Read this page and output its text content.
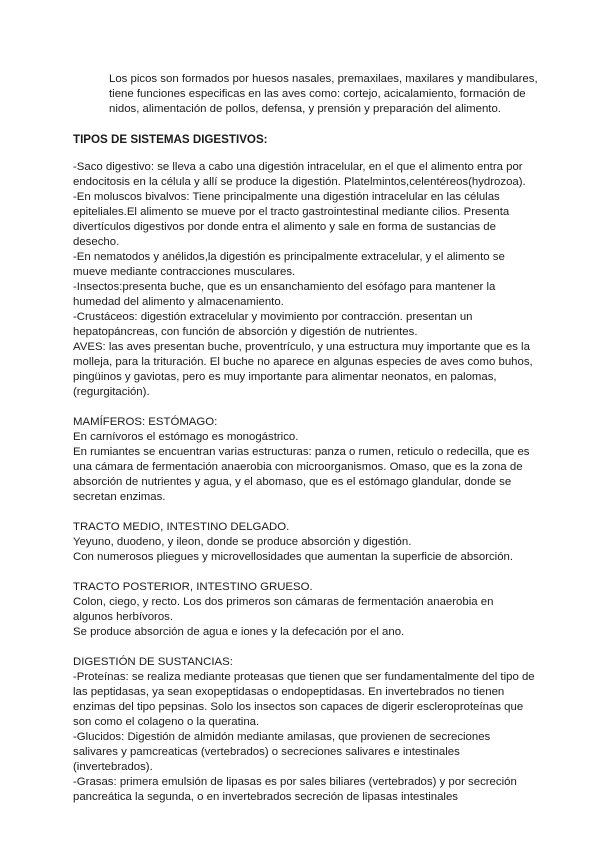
Los picos son formados por huesos nasales, premaxilaes, maxilares y mandibulares, tiene funciones especificas en las aves como: cortejo, acicalamiento, formación de nidos, alimentación de pollos, defensa, y prensión y preparación del alimento.

TIPOS DE SISTEMAS DIGESTIVOS:

-Saco digestivo: se lleva a cabo una digestión intracelular, en el que el alimento entra por endocitosis en la célula y allí se produce la digestión. Platelmintos,celentéreos(hydrozoa).

-En moluscos bivalvos: Tiene principalmente una digestión intracelular en las células epiteliales.El alimento se mueve por el tracto gastrointestinal mediante cilios. Presenta divertículos digestivos por donde entra el alimento y sale en forma de sustancias de desecho.

-En nematodos y anélidos,la digestión es principalmente extracelular, y el alimento se mueve mediante contracciones musculares.

-Insectos:presenta buche, que es un ensanchamiento del esófago para mantener la humedad del alimento y almacenamiento.

-Crustáceos: digestión extracelular y movimiento por contracción. presentan un hepatopáncreas, con función de absorción y digestión de nutrientes.

AVES: las aves presentan buche, proventrículo, y una estructura muy importante que es la molleja, para la trituración. El buche no aparece en algunas especies de aves como buhos, pingüinos y gaviotas, pero es muy importante para alimentar neonatos, en palomas, (regurgitación).

MAMÍFEROS: ESTÓMAGO:

En carnívoros el estómago es monogástrico.

En rumiantes se encuentran varias estructuras: panza o rumen, reticulo o redecilla, que es una cámara de fermentación anaerobia con microorganismos. Omaso, que es la zona de absorción de nutrientes y agua, y el abomaso, que es el estómago glandular, donde se secretan enzimas.

TRACTO MEDIO, INTESTINO DELGADO.

Yeyuno, duodeno, y ileon, donde se produce absorción y digestión.

Con numerosos pliegues y microvellosidades que aumentan la superficie de absorción.

TRACTO POSTERIOR, INTESTINO GRUESO.

Colon, ciego, y recto. Los dos primeros son cámaras de fermentación anaerobia en algunos herbívoros.

Se produce absorción de agua e iones y la defecación por el ano.

DIGESTIÓN DE SUSTANCIAS:

-Proteínas: se realiza mediante proteasas que tienen que ser fundamentalmente del tipo de las peptidasas, ya sean exopeptidasas o endopeptidasas. En invertebrados no tienen enzimas del tipo pepsinas. Solo los insectos son capaces de digerir escleroproteínas que son como el colageno o la queratina.

-Glucidos: Digestión de almidón mediante amilasas, que provienen de secreciones salivares y pamcreaticas (vertebrados) o secreciones salivares e intestinales (invertebrados).

-Grasas: primera emulsión de lipasas es por sales biliares (vertebrados) y por secreción pancreática la segunda, o en invertebrados secreción de lipasas intestinales
